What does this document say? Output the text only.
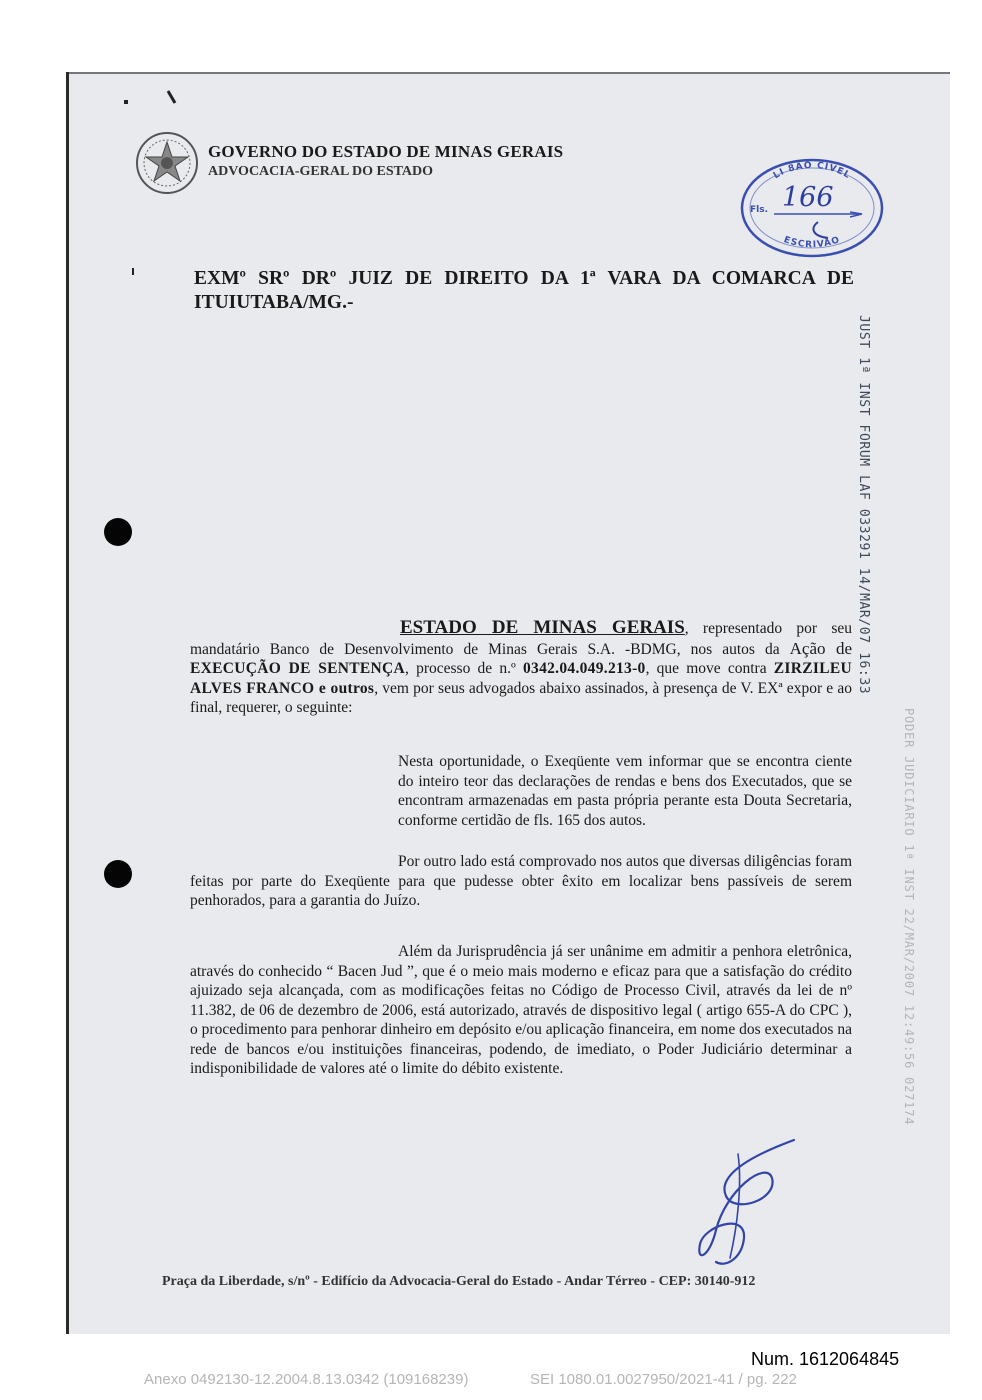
GOVERNO DO ESTADO DE MINAS GERAIS
ADVOCACIA-GERAL DO ESTADO	LI 8ÃO CIVEL
ESCRIVÃO
Fls. 166
EXMº SRº DRº JUIZ DE DIREITO DA 1ª VARA DA COMARCA DE ITUIUTABA/MG.-
JUST 1ª INST FORUM LAF 033291 14/MAR/07 16:33
PODER JUDICIARIO 1ª INST 22/MAR/2007 12:49:56 027174
ESTADO DE MINAS GERAIS, representado por seu mandatário Banco de Desenvolvimento de Minas Gerais S.A. -BDMG, nos autos da Ação de EXECUÇÃO DE SENTENÇA, processo de n.º 0342.04.049.213-0, que move contra ZIRZILEU ALVES FRANCO e outros, vem por seus advogados abaixo assinados, à presença de V. EXª expor e ao final, requerer, o seguinte:
Nesta oportunidade, o Exeqüente vem informar que se encontra ciente do inteiro teor das declarações de rendas e bens dos Executados, que se encontram armazenadas em pasta própria perante esta Douta Secretaria, conforme certidão de fls. 165 dos autos.
Por outro lado está comprovado nos autos que diversas diligências foram feitas por parte do Exeqüente para que pudesse obter êxito em localizar bens passíveis de serem penhorados, para a garantia do Juízo.
Além da Jurisprudência já ser unânime em admitir a penhora eletrônica, através do conhecido “ Bacen Jud ”, que é o meio mais moderno e eficaz para que a satisfação do crédito ajuizado seja alcançada, com as modificações feitas no Código de Processo Civil, através da lei de nº 11.382, de 06 de dezembro de 2006, está autorizado, através de dispositivo legal ( artigo 655-A do CPC ), o procedimento para penhorar dinheiro em depósito e/ou aplicação financeira, em nome dos executados na rede de bancos e/ou instituições financeiras, podendo, de imediato, o Poder Judiciário determinar a indisponibilidade de valores até o limite do débito existente.
Praça da Liberdade, s/nº - Edifício da Advocacia-Geral do Estado - Andar Térreo - CEP: 30140-912
Num. 1612064845
Anexo 0492130-12.2004.8.13.0342 (109168239)	SEI 1080.01.0027950/2021-41 / pg. 222
